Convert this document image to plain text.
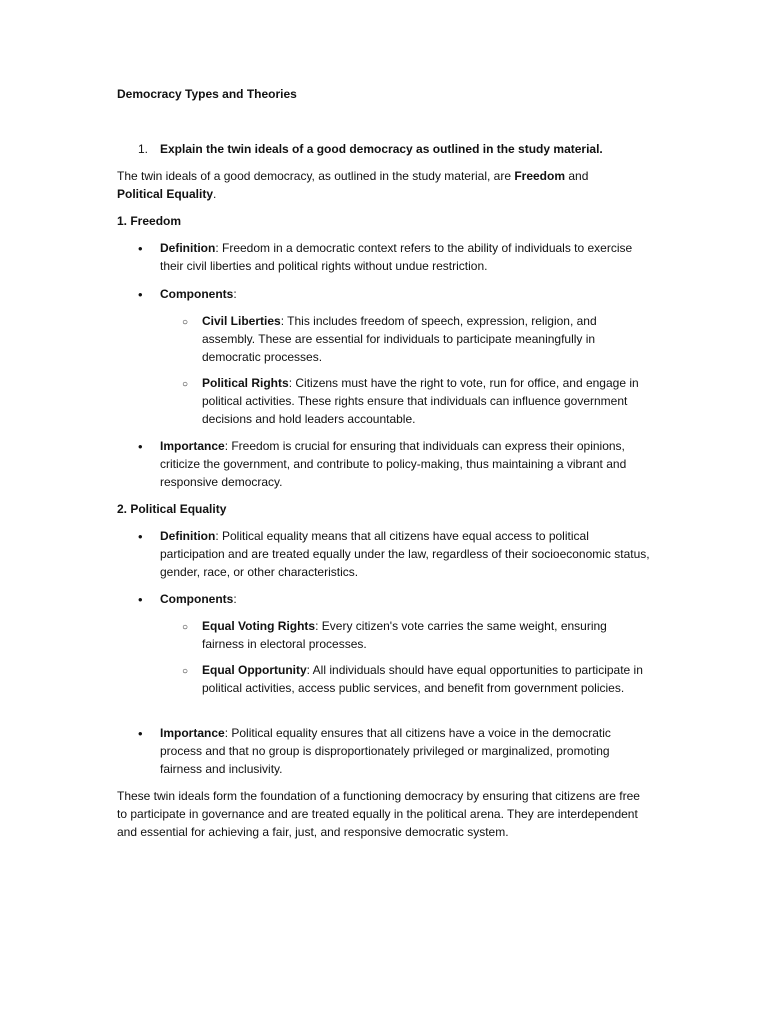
Democracy Types and Theories

1. Explain the twin ideals of a good democracy as outlined in the study material.

The twin ideals of a good democracy, as outlined in the study material, are Freedom and
Political Equality.

1. Freedom

• Definition: Freedom in a democratic context refers to the ability of individuals to exercise their civil liberties and political rights without undue restriction.

• Components:

○ Civil Liberties: This includes freedom of speech, expression, religion, and assembly. These are essential for individuals to participate meaningfully in democratic processes.

○ Political Rights: Citizens must have the right to vote, run for office, and engage in political activities. These rights ensure that individuals can influence government decisions and hold leaders accountable.

• Importance: Freedom is crucial for ensuring that individuals can express their opinions, criticize the government, and contribute to policy-making, thus maintaining a vibrant and responsive democracy.

2. Political Equality

• Definition: Political equality means that all citizens have equal access to political participation and are treated equally under the law, regardless of their socioeconomic status, gender, race, or other characteristics.

• Components:

○ Equal Voting Rights: Every citizen's vote carries the same weight, ensuring fairness in electoral processes.

○ Equal Opportunity: All individuals should have equal opportunities to participate in political activities, access public services, and benefit from government policies.

• Importance: Political equality ensures that all citizens have a voice in the democratic process and that no group is disproportionately privileged or marginalized, promoting fairness and inclusivity.

These twin ideals form the foundation of a functioning democracy by ensuring that citizens are free to participate in governance and are treated equally in the political arena. They are interdependent and essential for achieving a fair, just, and responsive democratic system.
